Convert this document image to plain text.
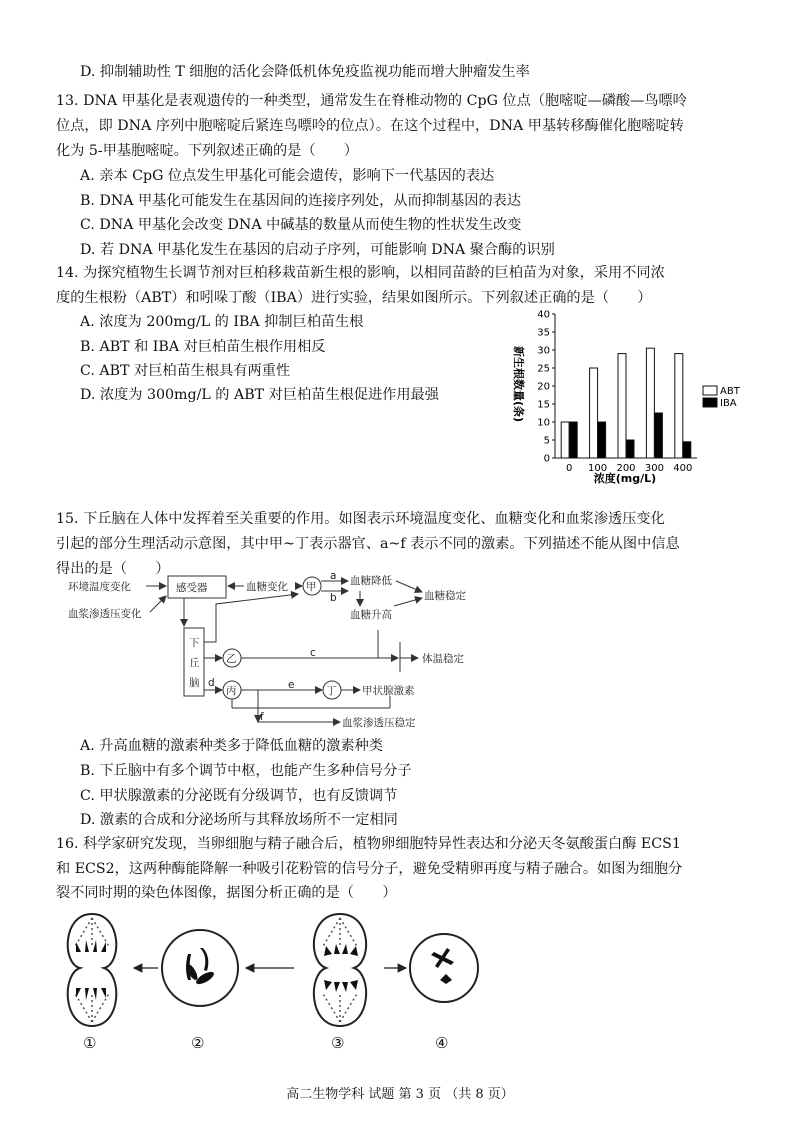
D. 抑制辅助性 T 细胞的活化会降低机体免疫监视功能而增大肿瘤发生率
13. DNA 甲基化是表观遗传的一种类型，通常发生在脊椎动物的 CpG 位点（胞嘧啶—磷酸—鸟嘌呤
位点，即 DNA 序列中胞嘧啶后紧连鸟嘌呤的位点）。在这个过程中，DNA 甲基转移酶催化胞嘧啶转
化为 5-甲基胞嘧啶。下列叙述正确的是（　　）
A. 亲本 CpG 位点发生甲基化可能会遗传，影响下一代基因的表达
B. DNA 甲基化可能发生在基因间的连接序列处，从而抑制基因的表达
C. DNA 甲基化会改变 DNA 中碱基的数量从而使生物的性状发生改变
D. 若 DNA 甲基化发生在基因的启动子序列，可能影响 DNA 聚合酶的识别
14. 为探究植物生长调节剂对巨柏移栽苗新生根的影响，以相同苗龄的巨柏苗为对象，采用不同浓
度的生根粉（ABT）和吲哚丁酸（IBA）进行实验，结果如图所示。下列叙述正确的是（　　）
A. 浓度为 200mg/L 的 IBA 抑制巨柏苗生根
B. ABT 和 IBA 对巨柏苗生根作用相反
C. ABT 对巨柏苗生根具有两重性
D. 浓度为 300mg/L 的 ABT 对巨柏苗生根促进作用最强
0
5
10
15
20
25
30
35
40
0 100 200 300 400
ABT
IBA
新生根数量(条)
浓度(mg/L)
15. 下丘脑在人体中发挥着至关重要的作用。如图表示环境温度变化、血糖变化和血浆渗透压变化
引起的部分生理活动示意图，其中甲~丁表示器官、a~f 表示不同的激素。下列描述不能从图中信息
得出的是（　　）
环境温度变化
血浆渗透压变化
感受器	血糖变化 甲
a
b
血糖降低
血糖稳定
血糖升高
下
丘
脑
乙	c	体温稳定
d
丙	e	丁 甲状腺激素
f	血浆渗透压稳定
A. 升高血糖的激素种类多于降低血糖的激素种类
B. 下丘脑中有多个调节中枢，也能产生多种信号分子
C. 甲状腺激素的分泌既有分级调节，也有反馈调节
D. 激素的合成和分泌场所与其释放场所不一定相同
16. 科学家研究发现，当卵细胞与精子融合后，植物卵细胞特异性表达和分泌天冬氨酸蛋白酶 ECS1
和 ECS2，这两种酶能降解一种吸引花粉管的信号分子，避免受精卵再度与精子融合。如图为细胞分
裂不同时期的染色体图像，据图分析正确的是（　　）
①	②	③	④
高二生物学科 试题 第 3 页 （共 8 页）
